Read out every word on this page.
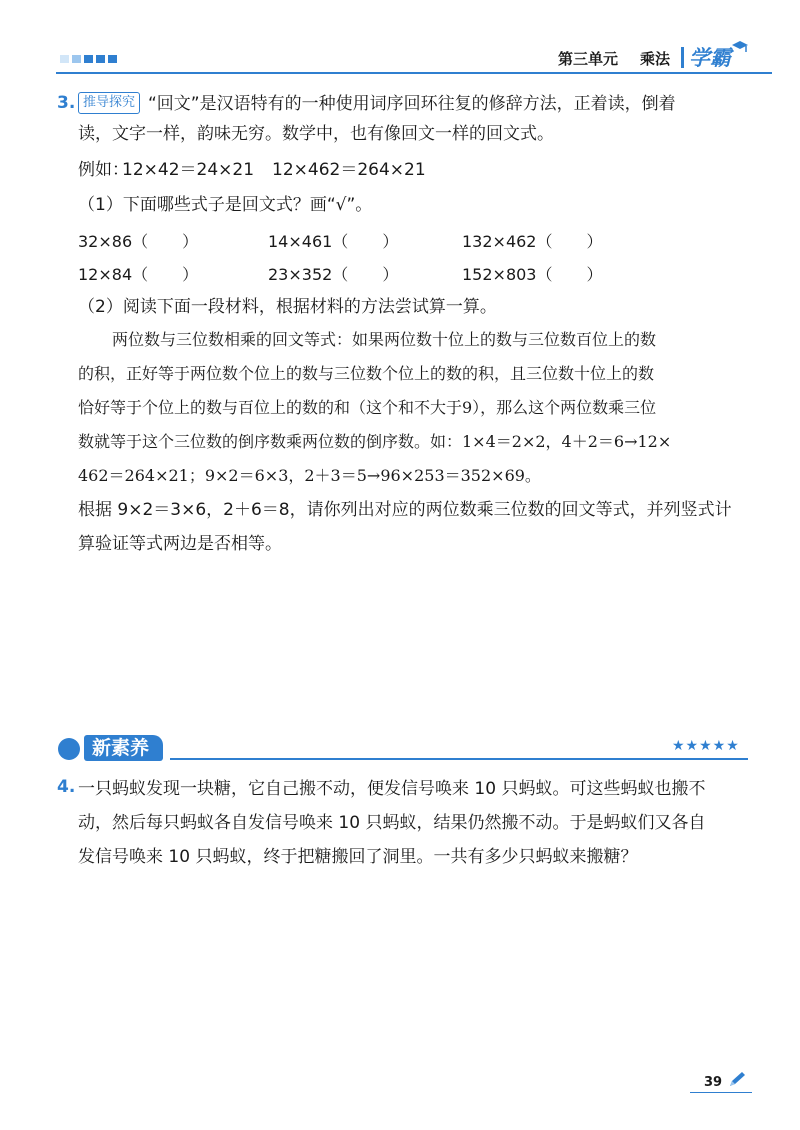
第三单元 乘法 学霸
3. 推导探究 “回文”是汉语特有的一种使用词序回环往复的修辞方法，正着读，倒着
读，文字一样，韵味无穷。数学中，也有像回文一样的回文式。
例如：
12×42＝24×21 12×462＝264×21
（1）下面哪些式子是回文式？画“√”。
32×86（ ）	14×461（ ）	132×462（ ）
12×84（ ）	23×352（ ）	152×803（ ）
（2）阅读下面一段材料，根据材料的方法尝试算一算。
两位数与三位数相乘的回文等式：如果两位数十位上的数与三位数百位上的数
的积，正好等于两位数个位上的数与三位数个位上的数的积，且三位数十位上的数
恰好等于个位上的数与百位上的数的和（这个和不大于9），那么这个两位数乘三位
数就等于这个三位数的倒序数乘两位数的倒序数。如：1×4＝2×2，4＋2＝6→12×
462＝264×21；9×2＝6×3，2＋3＝5→96×253＝352×69。
根据 9×2＝3×6，2＋6＝8，请你列出对应的两位数乘三位数的回文等式，并列竖式计
算验证等式两边是否相等。
新素养	★★★★★
4. 一只蚂蚁发现一块糖，它自己搬不动，便发信号唤来 10 只蚂蚁。可这些蚂蚁也搬不
动，然后每只蚂蚁各自发信号唤来 10 只蚂蚁，结果仍然搬不动。于是蚂蚁们又各自
发信号唤来 10 只蚂蚁，终于把糖搬回了洞里。一共有多少只蚂蚁来搬糖？
39
